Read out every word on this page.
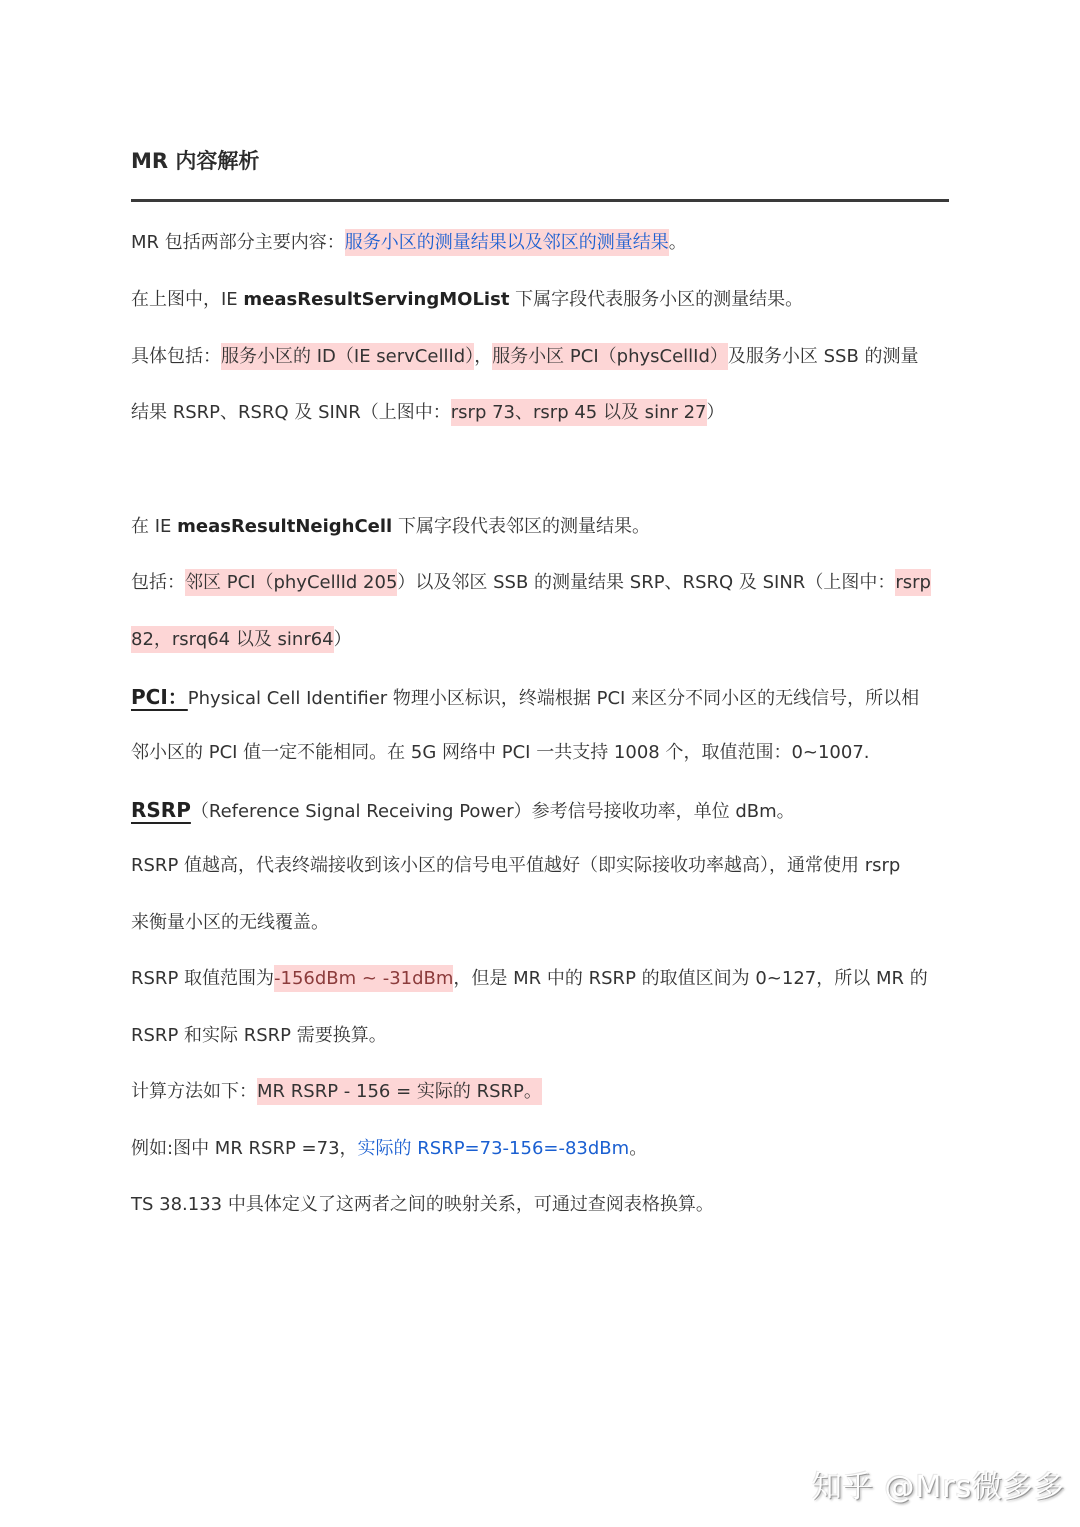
MR 内容解析
MR 包括两部分主要内容：服务小区的测量结果以及邻区的测量结果。
在上图中，IE measResultServingMOList 下属字段代表服务小区的测量结果。
具体包括：服务小区的 ID（IE servCellId），服务小区 PCI（physCellId）及服务小区 SSB 的测量
结果 RSRP、RSRQ 及 SINR（上图中：rsrp 73、rsrp 45 以及 sinr 27）
在 IE measResultNeighCell 下属字段代表邻区的测量结果。
包括：邻区 PCI（phyCellId 205）以及邻区 SSB 的测量结果 SRP、RSRQ 及 SINR（上图中：rsrp
82，rsrq64 以及 sinr64）
PCI：Physical Cell Identifier 物理小区标识，终端根据 PCI 来区分不同小区的无线信号，所以相
邻小区的 PCI 值一定不能相同。在 5G 网络中 PCI 一共支持 1008 个，取值范围：0~1007.
RSRP（Reference Signal Receiving Power）参考信号接收功率，单位 dBm。
RSRP 值越高，代表终端接收到该小区的信号电平值越好（即实际接收功率越高），通常使用 rsrp
来衡量小区的无线覆盖。
RSRP 取值范围为-156dBm ~ -31dBm，但是 MR 中的 RSRP 的取值区间为 0~127，所以 MR 的
RSRP 和实际 RSRP 需要换算。
计算方法如下：MR RSRP - 156 = 实际的 RSRP。
例如:图中 MR RSRP =73，实际的 RSRP=73-156=-83dBm。
TS 38.133 中具体定义了这两者之间的映射关系，可通过查阅表格换算。
知乎 @Mrs微多多
